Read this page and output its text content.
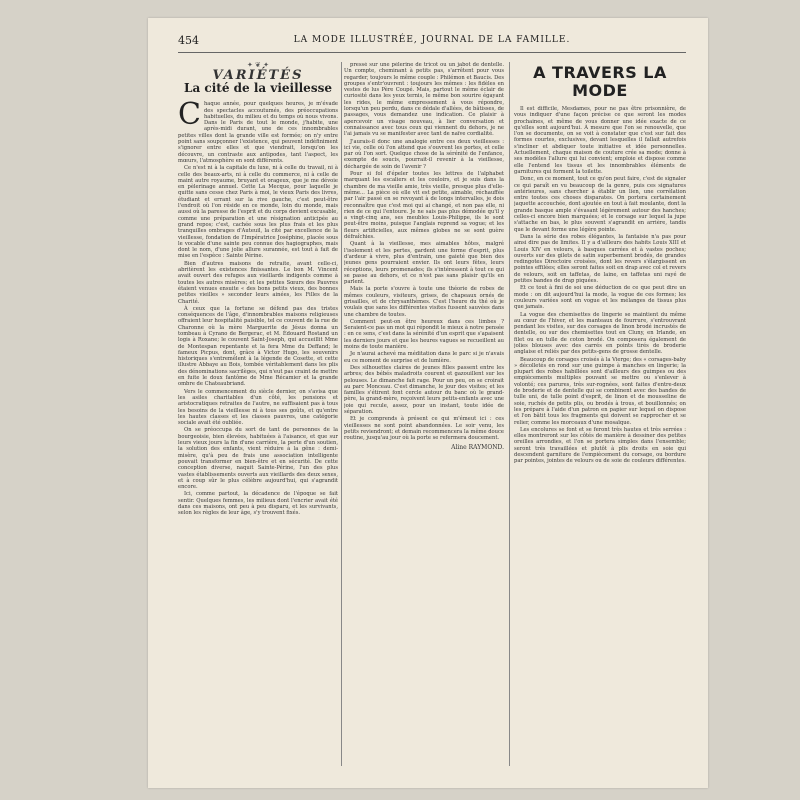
454	LA MODE ILLUSTRÉE, JOURNAL DE LA FAMILLE.
✦ ❦ ✦
VARIÉTÉS
La cité de la vieillesse

Chaque année, pour quelques heures, je m'évade des spectacles accoutumés, des préoccupations habituelles, du milieu et du temps où nous vivons. Dans le Paris de tout le monde, j'habite, une après-midi durant, une de ces innombrables petites villes dont la grande ville est formée; on n'y entre point sans soupçonner l'existence, qui peuvent indéfiniment s'ignorer entre elles et que viendrait, lorsqu'on les découvre, un contraste aux antipodes, tant l'aspect, les mœurs, l'atmosphère en sont différents.

Ce n'est ni à la capitale du luxe, ni à celle du travail, ni à celle des beaux-arts, ni à celle du commerce, ni à celle de maint autre royaume, bruyant et orageux, que je me dévoie en pèlerinage annuel. Cette La Mecque, pour laquelle je quitte sans cesse chez Paris à moi, le vieux Paris des livres, étudiant et errant sur la rive gauche, c'est peut-être l'endroit où l'on réside en ce monde, loin du monde, mais aussi où la paresse de l'esprit et du corps devient excusable, comme une préparation et une résignation anticipée au grand repos; c'est, cachée sous les plus frais et les plus tranquilles ombrages d'Auteuil, la cité par excellence de la vieillesse, fondation de l'Impératrice Joséphine, placée sous le vocable d'une sainte peu connue des hagiographes, mais dont le nom, d'une jolie allure surannée, est tout à fait de mise en l'espèce : Sainte Périne.

Bien d'autres maisons de retraite, avant celle-ci, abritèrent les existences finissantes. Le bon M. Vincent avait ouvert des refuges aux vieillards indigents comme à toutes les autres misères; et les petites Sœurs des Pauvres étaient venues ensuite « des bons petits vieux, des bonnes petites vieilles » seconder leurs ainées, les Filles de la Charité.

À ceux que la fortune se défend pas des tristes conséquences de l'âge, d'innombrables maisons religieuses offraient leur hospitalité paisible, tel ce couvent de la rue de Charonne où la mère Marguerite de Jésus donna un tombeau à Cyrano de Bergerac, et M. Édouard Rostand un logis à Roxane; le couvent Saint-Joseph, qui accueillit Mme de Montespan repentante et la fera Mme du Deffand; le fameux Picpus, dont, grâce à Victor Hugo, les souvenirs historiques s'entremêlent à la légende de Cosette, et cette illustre Abbaye au Bois, tombée véritablement dans les plis des dénominations sacrilèges, qui n'eut pas craint de mettre en fuite le doux fantôme de Mme Récamier et la grande ombre de Chateaubriand.

Vers le commencement du siècle dernier, on s'avisa que les asiles charitables d'un côté, les pensions et aristocratiques retraites de l'autre, ne suffisaient pas à tous les besoins de la vieillesse ni à tous ses goûts, et qu'entre les hautes classes et les classes pauvres, une catégorie sociale avait été oubliée.

On se préoccupa du sort de tant de personnes de la bourgeoisie, bien élevées, habituées à l'aisance, et que sur leurs vieux jours la fin d'une carrière, la perte d'un soutien, la solution des enfants, vient réduire à la gêne : demi-misère, qu'à peu de frais une association intelligente pouvait transformer en bien-être et en sécurité. De cette conception diverse, naquit Sainte-Périne, l'un des plus vastes établissements ouverts aux vieillards des deux sexes, et à coup sûr le plus célèbre aujourd'hui, qui s'agrandit encore.

Ici, comme partout, la décadence de l'époque se fait sentir. Quelques femmes, les milieux dont l'encrier avait été dans ces maisons, ont peu à peu disparu, et les survivants, selon les règles de leur âge, s'y trouvent fixés.

pressé sur une pèlerine de tricot ou un jabot de dentelle. Un compte, cheminant à petits pas, s'arrêtent pour vous regarder, toujours le même couple : Philémon et Baucis. Des groupes s'entr'ouvrent : toujours les mêmes : les fidèles en vestes de lus Père Coupé. Mais, partout le même éclair de curiosité dans les yeux ternis, le même bon sourire égayant les rides, le même empressement à vous répondre, lorsqu'un peu perdu, dans ce dédale d'allées, de bâtisses, de passages, vous demandez une indication. Ce plaisir à apercevoir un visage nouveau, à lier conversation et connaissance avec tous ceux qui viennent du dehors, je ne l'ai jamais vu se manifester avec tant de naïve cordialité.

J'aurais-il donc une analogie entre ces deux vieillesses : ici vie, celle où l'on attend que s'ouvrent les portes, et celle par où l'on sort. Quelque chose de la sérénité de l'enfance, exempte de soucis, pourrait-il revenir à la vieillesse, déchargée de soin de l'avenir ?

Pour si fol d'épeler toutes les lettres de l'alphabet marquant les escaliers et les couloirs, et je suis dans la chambre de ma vieille amie, très vieille, presque plus d'elle-même... La pièce où elle vit est petite, aimable, réchauffée par l'air passé en se revoyant à de longs intervalles, je dois reconnaître que c'est moi qui ai changé, et non pas elle, ni rien de ce qui l'entoure. Je ne sais pas plus démodée qu'il y a vingt-cinq ans, ses meubles Louis-Philippe, ils le sont peut-être moins, puisque l'anglais reprend sa vogue; et les fleurs artificielles, aux mêmes globes ne se sont guère défraîchies.

Quant à la vieillesse, mes aimables hôtes, malgré l'isolement et les pertes, gardent une forme d'esprit, plus d'ardeur à vivre, plus d'entrain, une gaieté que bien des jeunes gens pourraient envier. Ils ont leurs fêtes, leurs réceptions, leurs promenades; ils s'intéressent à tout ce qui se passe au dehors, et ce n'est pas sans plaisir qu'ils en parlent.

Mais la porte s'ouvre à toute une théorie de robes de mêmes couleurs, visiteurs, grises, de chapeaux ornés de grisailles, et de chrysanthèmes. C'est l'heure du thé où je voulais que sans les différentes visites fussent sauvées dans une chambre de toutes.

Comment peut-on être heureux dans ces limbes ? Seraient-ce pas un mot qui répondit le mieux à notre pensée : en ce sens, c'est dans la sérénité d'un esprit que s'apaisent les derniers jours et que les heures vagues se recueillent au moins de toute manière.

Je n'aurai achevé ma méditation dans le parc si je n'avais eu ce moment de surprise et de lumière.

Des silhouettes claires de jeunes filles passent entre les arbres; des bébés maladroits courent et gazouillent sur les pelouses. Le dimanche fait rage. Pour un peu, on se croirait au parc Monceau. C'est dimanche, le jour des visites; et les familles s'étirent font cercle autour du banc où le grand-père, la grand-mère, reçoivent leurs petits-enfants avec une joie qui recule, assez, pour un instant, toute idée de séparation.

Et je comprends à présent ce qui m'émeut ici : ces vieillesses ne sont point abandonnées. Le soir venu, les petits reviendront; et demain recommencera la même douce routine, jusqu'au jour où la porte se refermera doucement.

Aline RAYMOND.
A TRAVERS LA MODE

Il est difficile, Mesdames, pour ne pas être prisonnière, de vous indiquer d'une façon précise ce que seront les modes prochaines, et même de vous donner une idée exacte de ce qu'elles sont aujourd'hui. À mesure que l'on se renouvelle, que l'on se documente, on se voit à constater que c'est sur fait des formes courtes, exclusives, devant lesquelles il fallait autrefois s'incliner et abdiquer toute initiative et idée personnelles. Actuellement, chaque maison de couture crée sa mode; donne à ses modèles l'allure qui lui convient; emploie et dispose comme elle l'entend les tissus et les innombrables éléments de garnitures qui forment la toilette.

Donc, en ce moment, tout ce qu'on peut faire, c'est de signaler ce qui paraît en vu beaucoup de la genre, puis ces signatures antérieures, sans chercher à établir un lien, une corrélation entre toutes ces choses disparates. On portera certainement jaquette accouchée, dont ajoutée en tout à fait moulante, dont la grande basque ample s'évasant légèrement autour des hanches; celles-ci encore bien marquées; et le corsage sur lequel la jupe s'attache en bas, le plus souvent s'agrandit en arrière, tandis que le devant forme une légère pointe.

Dans la série des robes élégantes, la fantaisie n'a pas pour ainsi dire pas de limites. Il y a d'ailleurs des habits Louis XIII et Louis XIV en velours, à basques carrées et à vastes poches; ouverts sur des gilets de satin superbement brodés, de grandes redingotes Directoire croisées, dont les revers s'élargissent en pointes effilées; elles seront faites soit en drap avec col et revers de velours, soit en taffetas, de laine, en taffetas uni rayé de petites bandes de drap piquées.

Et ce tout à fini de soi une déduction de ce que peut dire un mode : on dit aujourd'hui la mode, la vogue de ces formes; les couleurs variées sont en vogue et les mélanges de tissus plus que jamais.

La vogue des chemisettes de lingerie se maintient du même au cœur de l'hiver, et les manteaux de fourrure, s'entrouvrant pendant les visites, sur des corsages de linon brodé incrustés de dentelle, ou sur des chemisettes tout en Cluny, en Irlande, en filet ou en tulle de coton brodé. On composera également de jolies blouses avec des carrés en points tirés de broderie anglaise et reliés par des petits-gens de grosse dentelle.

Beaucoup de corsages croisés à la Vierge; des « corsages-baby » décolletés en rond sur une guimpe à manches en lingerie; la plupart des robes habillées sont d'ailleurs des guimpes ou des empiècements multiples pouvant se mettre ou s'enlever à volonté; ces parures, très sur-rognées, sont faites d'entre-deux de broderie et de dentelle qui se combinent avec des bandes de tulle uni, de tulle point d'esprit, de linon et de mousseline de soie, ruchés de petits plis, ou brodés à trous, et bouillonnés; on les prépare à l'aide d'un patron en papier sur lequel on dispose et l'on bâtit tous les fragments qui doivent se rapprocher et se relier, comme les morceaux d'une mosaïque.

Les encolures se font et se feront très hautes et très serrées : elles montreront sur les côtés de manière à dessiner des petites oreilles arrondies, et l'on se portera simples dans l'ensemble; seront très travaillées et plutôt à plis droits en soie qui descendent garniture de l'empiècement du corsage, ou bordure par pointes, jointes de velours ou de soie de couleurs différentes.
